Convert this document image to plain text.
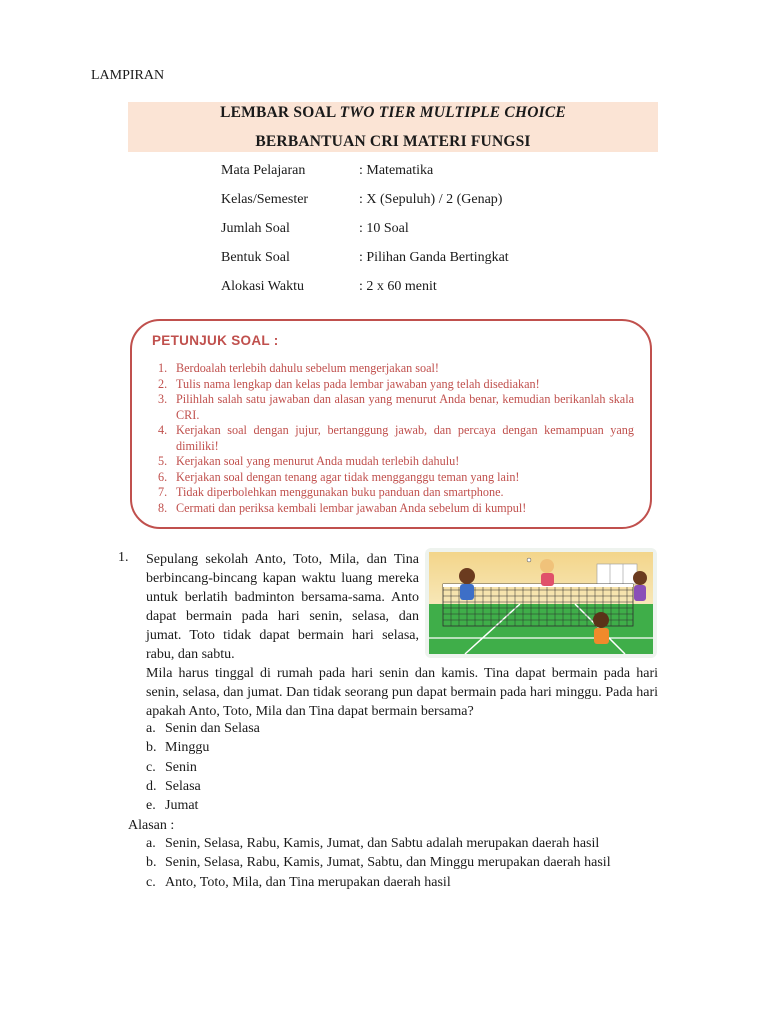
LAMPIRAN
LEMBAR SOAL TWO TIER MULTIPLE CHOICE
BERBANTUAN CRI MATERI FUNGSI
Mata Pelajaran	: Matematika
Kelas/Semester	: X (Sepuluh) / 2 (Genap)
Jumlah Soal	: 10 Soal
Bentuk Soal	: Pilihan Ganda Bertingkat
Alokasi Waktu	: 2 x 60 menit
PETUNJUK SOAL :
1. Berdoalah terlebih dahulu sebelum mengerjakan soal!
2. Tulis nama lengkap dan kelas pada lembar jawaban yang telah disediakan!
3. Pilihlah salah satu jawaban dan alasan yang menurut Anda benar, kemudian berikanlah skala CRI.
4. Kerjakan soal dengan jujur, bertanggung jawab, dan percaya dengan kemampuan yang dimiliki!
5. Kerjakan soal yang menurut Anda mudah terlebih dahulu!
6. Kerjakan soal dengan tenang agar tidak mengganggu teman yang lain!
7. Tidak diperbolehkan menggunakan buku panduan dan smartphone.
8. Cermati dan periksa kembali lembar jawaban Anda sebelum di kumpul!
1. Sepulang sekolah Anto, Toto, Mila, dan Tina berbincang-bincang kapan waktu luang mereka untuk berlatih badminton bersama-sama. Anto dapat bermain pada hari senin, selasa, dan jumat. Toto tidak dapat bermain hari selasa, rabu, dan sabtu.
Mila harus tinggal di rumah pada hari senin dan kamis. Tina dapat bermain pada hari senin, selasa, dan jumat. Dan tidak seorang pun dapat bermain pada hari minggu. Pada hari apakah Anto, Toto, Mila dan Tina dapat bermain bersama?
a. Senin dan Selasa
b. Minggu
c. Senin
d. Selasa
e. Jumat
Alasan :
a. Senin, Selasa, Rabu, Kamis, Jumat, dan Sabtu adalah merupakan daerah hasil
b. Senin, Selasa, Rabu, Kamis, Jumat, Sabtu, dan Minggu merupakan daerah hasil
c. Anto, Toto, Mila, dan Tina merupakan daerah hasil
